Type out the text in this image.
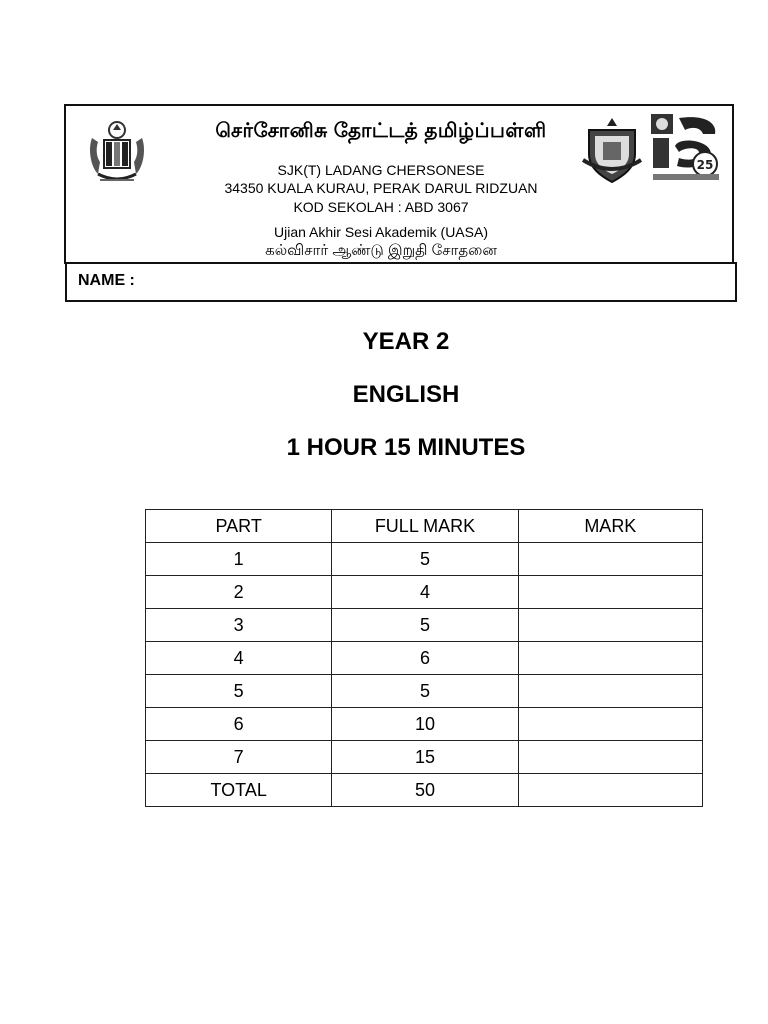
செர்சோனிசு தோட்டத் தமிழ்ப்பள்ளி
SJK(T) LADANG CHERSONESE
34350 KUALA KURAU, PERAK DARUL RIDZUAN
KOD SEKOLAH : ABD 3067
Ujian Akhir Sesi Akademik (UASA)
கல்விசார் ஆண்டு இறுதி சோதனை
25
NAME :
YEAR 2
ENGLISH
1 HOUR 15 MINUTES
PART	FULL MARK	MARK
1	5	
2	4	
3	5	
4	6	
5	5	
6	10	
7	15	
TOTAL	50	
